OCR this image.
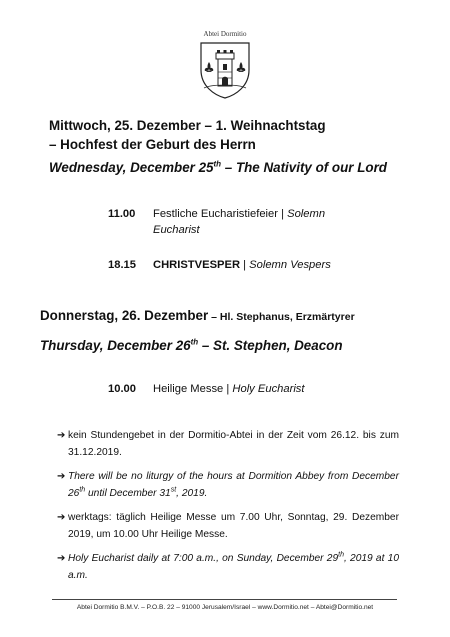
Abtei Dormitio
Mittwoch, 25. Dezember – 1. Weihnachtstag
– Hochfest der Geburt des Herrn
Wednesday, December 25th – The Nativity of our Lord
11.00 Festliche Eucharistiefeier | Solemn Eucharist
18.15 CHRISTVESPER | Solemn Vespers
Donnerstag, 26. Dezember – Hl. Stephanus, Erzmärtyrer
Thursday, December 26th – St. Stephen, Deacon
10.00 Heilige Messe | Holy Eucharist
➔ kein Stundengebet in der Dormitio-Abtei in der Zeit vom 26.12. bis zum 31.12.2019.
➔ There will be no liturgy of the hours at Dormition Abbey from December 26th until December 31st, 2019.
➔ werktags: täglich Heilige Messe um 7.00 Uhr, Sonntag, 29. Dezember 2019, um 10.00 Uhr Heilige Messe.
➔ Holy Eucharist daily at 7:00 a.m., on Sunday, December 29th, 2019 at 10 a.m.
Abtei Dormitio B.M.V. – P.O.B. 22 – 91000 Jerusalem/Israel – www.Dormitio.net – Abtei@Dormitio.net
